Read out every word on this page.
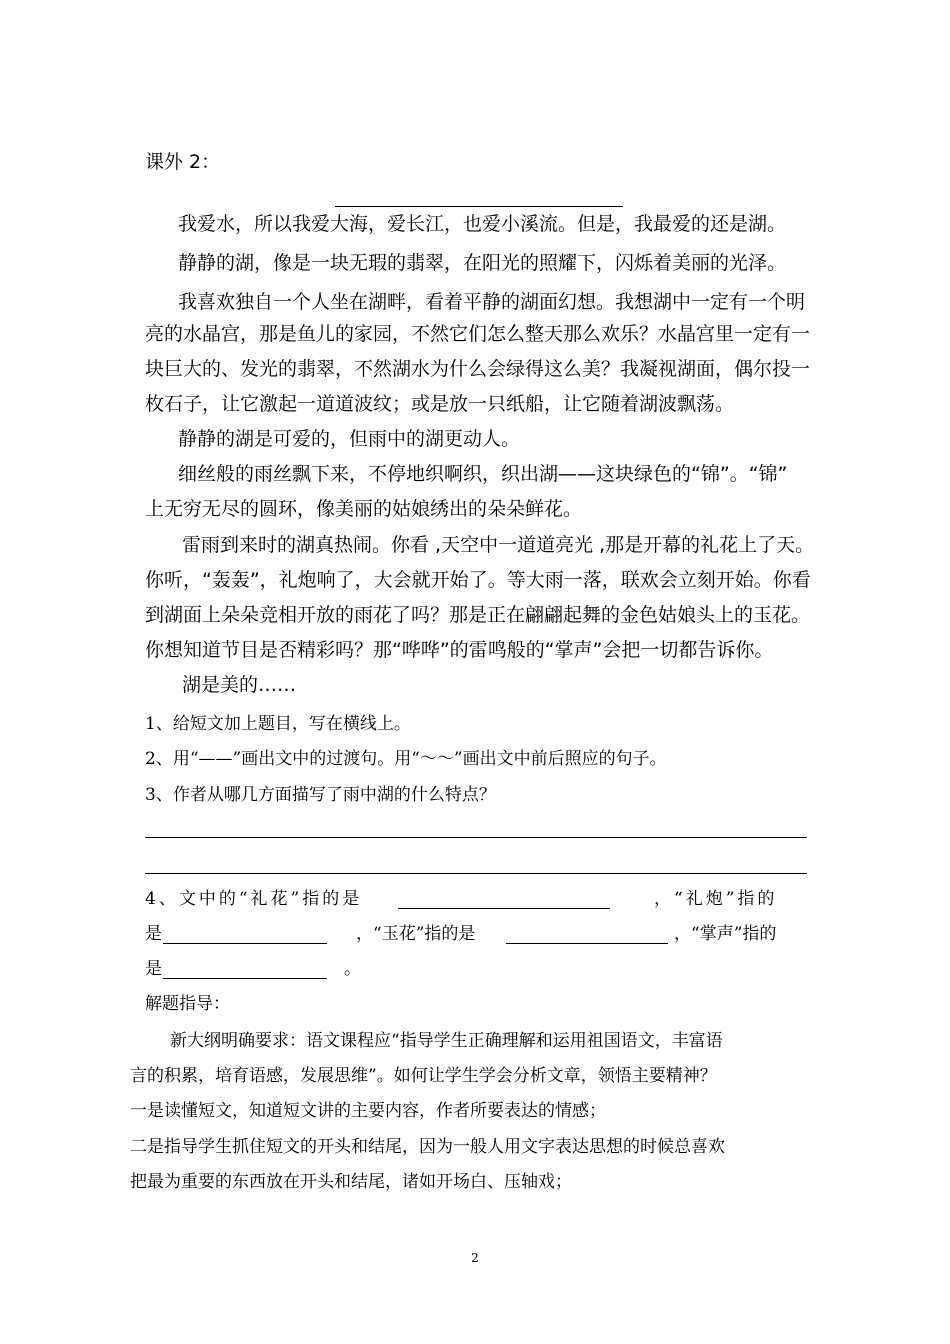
课外 2：
我爱水，所以我爱大海，爱长江，也爱小溪流。但是，我最爱的还是湖。
静静的湖，像是一块无瑕的翡翠，在阳光的照耀下，闪烁着美丽的光泽。
我喜欢独自一个人坐在湖畔，看着平静的湖面幻想。我想湖中一定有一个明
亮的水晶宫，那是鱼儿的家园，不然它们怎么整天那么欢乐？水晶宫里一定有一
块巨大的、发光的翡翠，不然湖水为什么会绿得这么美？我凝视湖面，偶尔投一
枚石子，让它激起一道道波纹；或是放一只纸船，让它随着湖波飘荡。
静静的湖是可爱的，但雨中的湖更动人。
细丝般的雨丝飘下来，不停地织啊织，织出湖——这块绿色的“锦”。“锦”
上无穷无尽的圆环，像美丽的姑娘绣出的朵朵鲜花。
雷雨到来时的湖真热闹。你看 ,天空中一道道亮光 ,那是开幕的礼花上了天。
你听，“轰轰”，礼炮响了，大会就开始了。等大雨一落，联欢会立刻开始。你看
到湖面上朵朵竞相开放的雨花了吗？那是正在翩翩起舞的金色姑娘头上的玉花。
你想知道节目是否精彩吗？那“哗哗”的雷鸣般的“掌声”会把一切都告诉你。
湖是美的……
1、给短文加上题目，写在横线上。
2、用“——”画出文中的过渡句。用“～～”画出文中前后照应的句子。
3、作者从哪几方面描写了雨中湖的什么特点？
4、文中的“礼花”指的是	，“礼炮”指的
是	，“玉花”指的是	，“掌声”指的
是	。
解题指导：
新大纲明确要求：语文课程应“指导学生正确理解和运用祖国语文，丰富语
言的积累，培育语感，发展思维”。如何让学生学会分析文章，领悟主要精神？
一是读懂短文，知道短文讲的主要内容，作者所要表达的情感；
二是指导学生抓住短文的开头和结尾，因为一般人用文字表达思想的时候总喜欢
把最为重要的东西放在开头和结尾，诸如开场白、压轴戏；
2
